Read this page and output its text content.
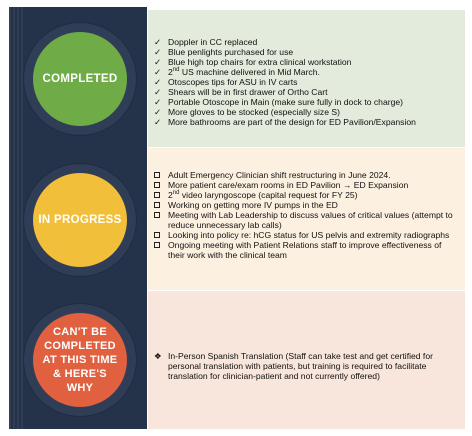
COMPLETED
✓ Doppler in CC replaced
✓ Blue penlights purchased for use
✓ Blue high top chairs for extra clinical workstation
✓ 2nd US machine delivered in Mid March.
✓ Otoscopes tips for ASU in IV carts
✓ Shears will be in first drawer of Ortho Cart
✓ Portable Otoscope in Main (make sure fully in dock to charge)
✓ More gloves to be stocked (especially size S)
✓ More bathrooms are part of the design for ED Pavilion/Expansion
IN PROGRESS
Adult Emergency Clinician shift restructuring in June 2024.
More patient care/exam rooms in ED Pavilion → ED Expansion
2nd video laryngoscope (capital request for FY 25)
Working on getting more IV pumps in the ED
Meeting with Lab Leadership to discuss values of critical values (attempt to reduce unnecessary lab calls)
Looking into policy re: hCG status for US pelvis and extremity radiographs
Ongoing meeting with Patient Relations staff to improve effectiveness of their work with the clinical team
CAN'T BE COMPLETED AT THIS TIME & HERE'S WHY
❖ In-Person Spanish Translation (Staff can take test and get certified for personal translation with patients, but training is required to facilitate translation for clinician-patient and not currently offered)
